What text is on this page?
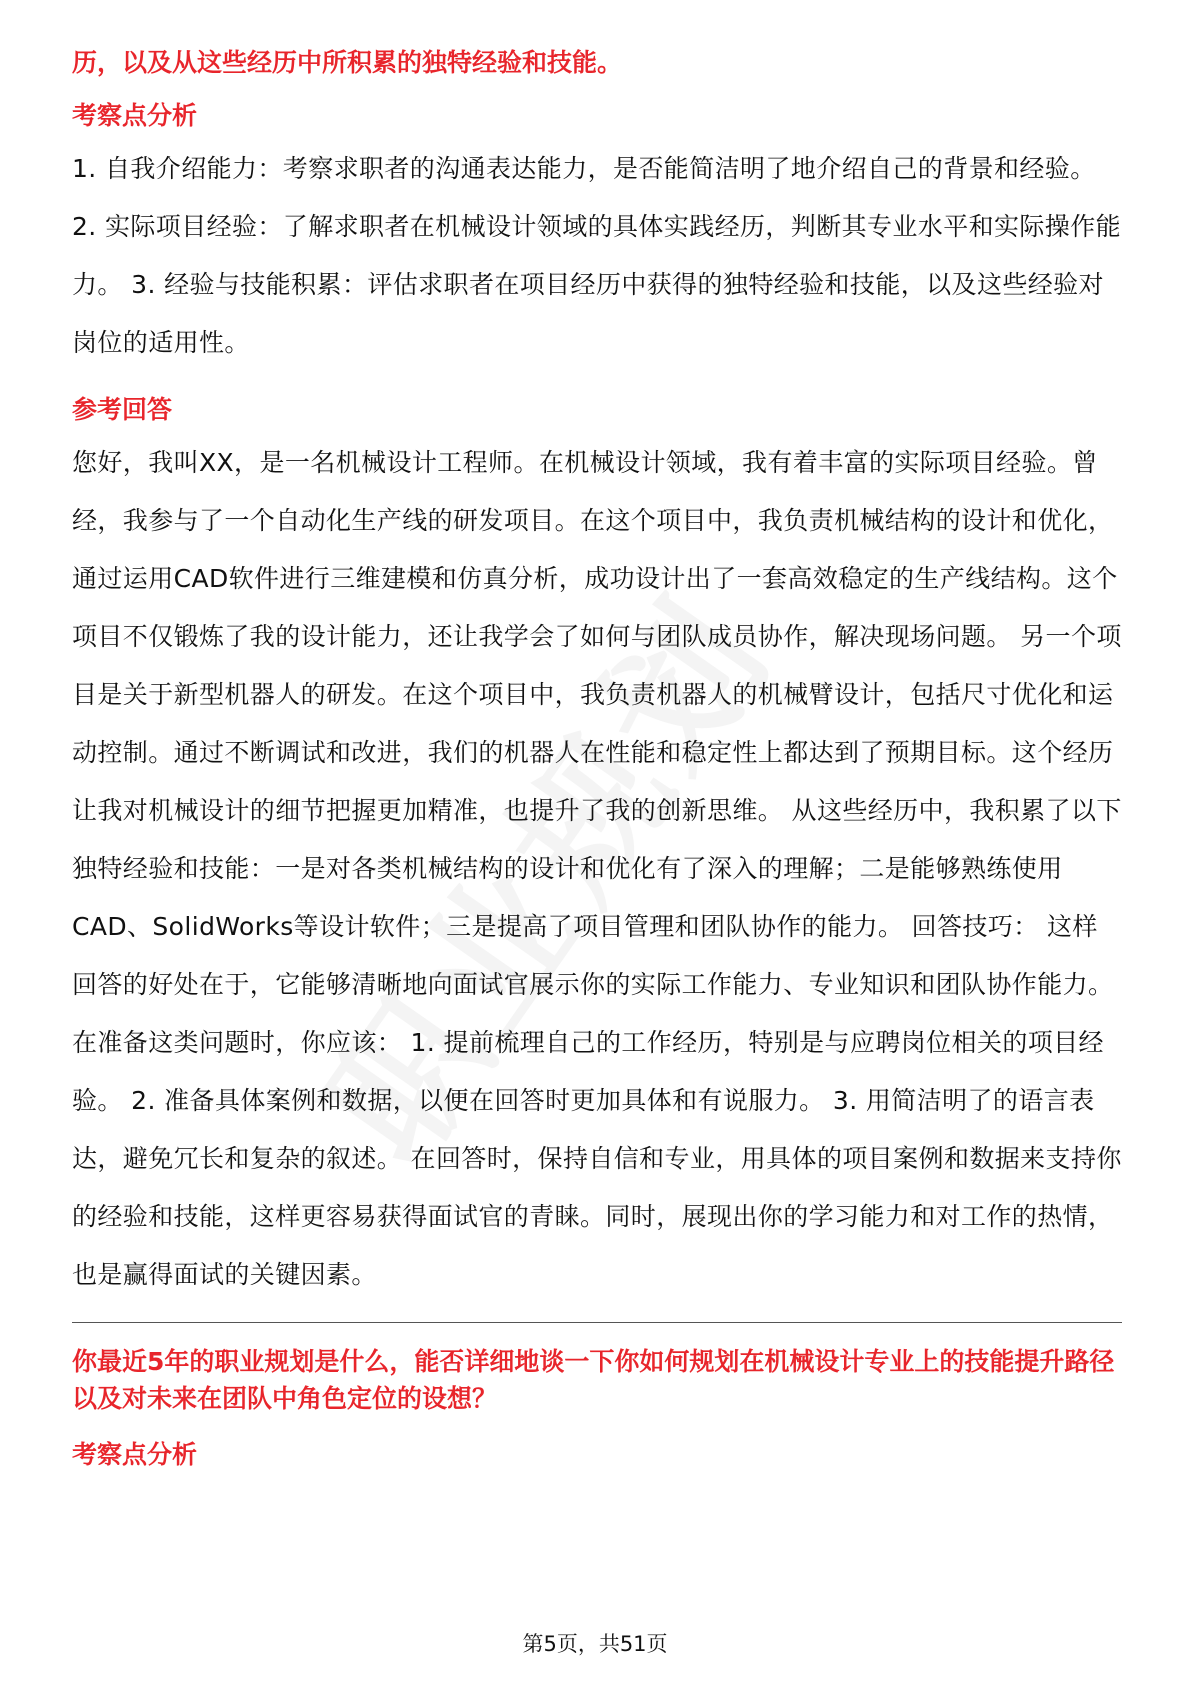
历，以及从这些经历中所积累的独特经验和技能。

考察点分析

1. 自我介绍能力：考察求职者的沟通表达能力，是否能简洁明了地介绍自己的背景和经验。 2. 实际项目经验：了解求职者在机械设计领域的具体实践经历，判断其专业水平和实际操作能力。 3. 经验与技能积累：评估求职者在项目经历中获得的独特经验和技能，以及这些经验对岗位的适用性。

参考回答

您好，我叫XX，是一名机械设计工程师。在机械设计领域，我有着丰富的实际项目经验。曾经，我参与了一个自动化生产线的研发项目。在这个项目中，我负责机械结构的设计和优化，通过运用CAD软件进行三维建模和仿真分析，成功设计出了一套高效稳定的生产线结构。这个项目不仅锻炼了我的设计能力，还让我学会了如何与团队成员协作，解决现场问题。 另一个项目是关于新型机器人的研发。在这个项目中，我负责机器人的机械臂设计，包括尺寸优化和运动控制。通过不断调试和改进，我们的机器人在性能和稳定性上都达到了预期目标。这个经历让我对机械设计的细节把握更加精准，也提升了我的创新思维。 从这些经历中，我积累了以下独特经验和技能：一是对各类机械结构的设计和优化有了深入的理解；二是能够熟练使用CAD、SolidWorks等设计软件；三是提高了项目管理和团队协作的能力。 回答技巧： 这样回答的好处在于，它能够清晰地向面试官展示你的实际工作能力、专业知识和团队协作能力。在准备这类问题时，你应该： 1. 提前梳理自己的工作经历，特别是与应聘岗位相关的项目经验。 2. 准备具体案例和数据，以便在回答时更加具体和有说服力。 3. 用简洁明了的语言表达，避免冗长和复杂的叙述。 在回答时，保持自信和专业，用具体的项目案例和数据来支持你的经验和技能，这样更容易获得面试官的青睐。同时，展现出你的学习能力和对工作的热情，也是赢得面试的关键因素。

你最近5年的职业规划是什么，能否详细地谈一下你如何规划在机械设计专业上的技能提升路径以及对未来在团队中角色定位的设想？

考察点分析
第5页，共51页
